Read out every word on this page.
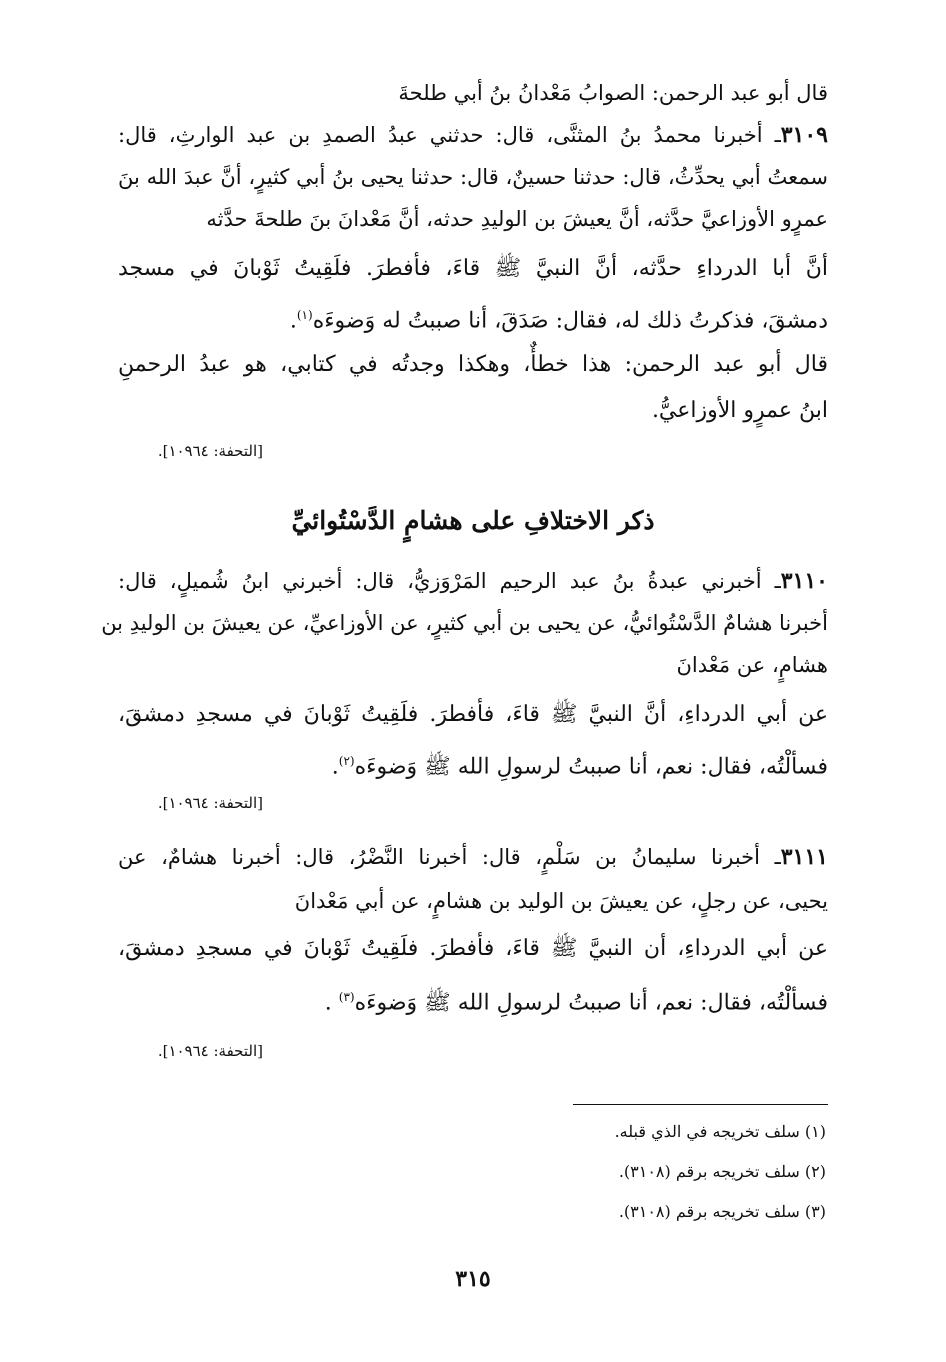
قال أبو عبد الرحمن: الصوابُ مَعْدانُ بنُ أبي طلحةَ
٣١٠٩ـ أخبرنا محمدُ بنُ المثنَّى، قال: حدثني عبدُ الصمدِ بن عبد الوارثِ، قال:
سمعتُ أبي يحدِّثُ، قال: حدثنا حسينٌ، قال: حدثنا يحيى بنُ أبي كثيرٍ، أنَّ عبدَ الله بنَ
عمرٍو الأوزاعيَّ حدَّثه، أنَّ يعيشَ بن الوليدِ حدثه، أنَّ مَعْدانَ بنَ طلحةَ حدَّثه
أنَّ أبا الدرداءِ حدَّثه، أنَّ النبيَّ ﷺ قاءَ، فأفطرَ. فلَقِيتُ ثَوْبانَ في مسجد
دمشقَ، فذكرتُ ذلك له، فقال: صَدَقَ، أنا صببتُ له وَضوءَه$^{(١)}$.
قال أبو عبد الرحمن: هذا خطأٌ، وهكذا وجدتُه في كتابي، هو عبدُ الرحمنِ
ابنُ عمرٍو الأوزاعيُّ.
[التحفة: ١٠٩٦٤].
ذكر الاختلافِ على هشامٍ الدَّسْتُوائيِّ
٣١١٠ـ أخبرني عبدةُ بنُ عبد الرحيم المَرْوَزيُّ، قال: أخبرني ابنُ شُميلٍ، قال:
أخبرنا هشامٌ الدَّسْتُوائيُّ، عن يحيى بن أبي كثيرٍ، عن الأوزاعيِّ، عن يعيشَ بن الوليدِ بن
هشامٍ، عن مَعْدانَ
عن أبي الدرداءِ، أنَّ النبيَّ ﷺ قاءَ، فأفطرَ. فلَقِيتُ ثَوْبانَ في مسجدِ دمشقَ،
فسألْتُه، فقال: نعم، أنا صببتُ لرسولِ الله ﷺ وَضوءَه$^{(٢)}$.
[التحفة: ١٠٩٦٤].
٣١١١ـ أخبرنا سليمانُ بن سَلْمٍ، قال: أخبرنا النَّضْرُ، قال: أخبرنا هشامٌ، عن
يحيى، عن رجلٍ، عن يعيشَ بن الوليد بن هشامٍ، عن أبي مَعْدانَ
عن أبي الدرداءِ، أن النبيَّ ﷺ قاءَ، فأفطرَ. فلَقِيتُ ثَوْبانَ في مسجدِ دمشقَ،
فسألْتُه، فقال: نعم، أنا صببتُ لرسولِ الله ﷺ وَضوءَه$^{(٣)}$ .
[التحفة: ١٠٩٦٤].
(١) سلف تخريجه في الذي قبله.
(٢) سلف تخريجه برقم (٣١٠٨).
(٣) سلف تخريجه برقم (٣١٠٨).
٣١٥
